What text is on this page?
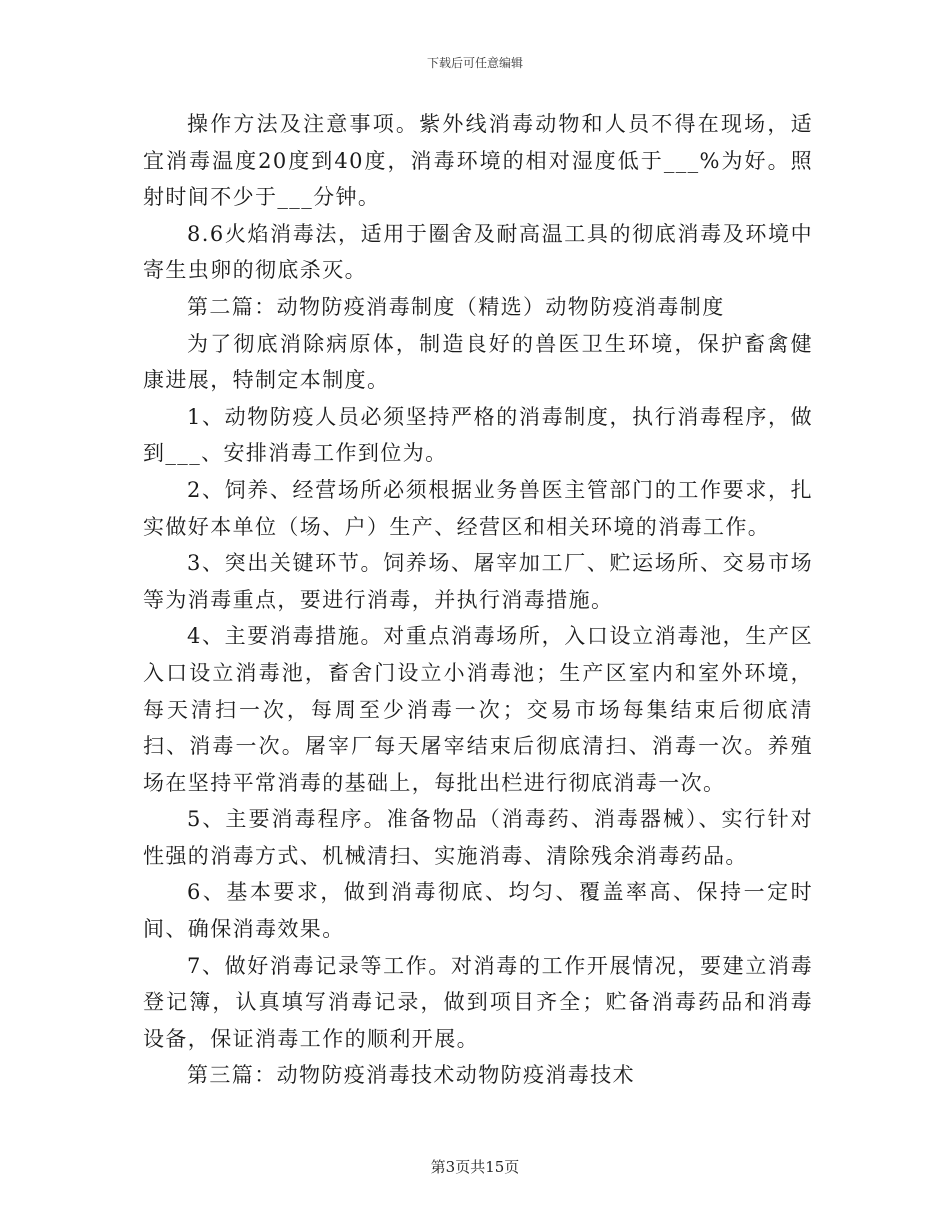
下载后可任意编辑

操作方法及注意事项。紫外线消毒动物和人员不得在现场，适宜消毒温度20度到40度，消毒环境的相对湿度低于___%为好。照射时间不少于___分钟。

8.6火焰消毒法，适用于圈舍及耐高温工具的彻底消毒及环境中寄生虫卵的彻底杀灭。

第二篇：动物防疫消毒制度（精选）动物防疫消毒制度

为了彻底消除病原体，制造良好的兽医卫生环境，保护畜禽健康进展，特制定本制度。

1、动物防疫人员必须坚持严格的消毒制度，执行消毒程序，做到___、安排消毒工作到位为。

2、饲养、经营场所必须根据业务兽医主管部门的工作要求，扎实做好本单位（场、户）生产、经营区和相关环境的消毒工作。

3、突出关键环节。饲养场、屠宰加工厂、贮运场所、交易市场等为消毒重点，要进行消毒，并执行消毒措施。

4、主要消毒措施。对重点消毒场所，入口设立消毒池，生产区入口设立消毒池，畜舍门设立小消毒池；生产区室内和室外环境，每天清扫一次，每周至少消毒一次；交易市场每集结束后彻底清扫、消毒一次。屠宰厂每天屠宰结束后彻底清扫、消毒一次。养殖场在坚持平常消毒的基础上，每批出栏进行彻底消毒一次。

5、主要消毒程序。准备物品（消毒药、消毒器械）、实行针对性强的消毒方式、机械清扫、实施消毒、清除残余消毒药品。

6、基本要求，做到消毒彻底、均匀、覆盖率高、保持一定时间、确保消毒效果。

7、做好消毒记录等工作。对消毒的工作开展情况，要建立消毒登记簿，认真填写消毒记录，做到项目齐全；贮备消毒药品和消毒设备，保证消毒工作的顺利开展。

第三篇：动物防疫消毒技术动物防疫消毒技术

第3页共15页
